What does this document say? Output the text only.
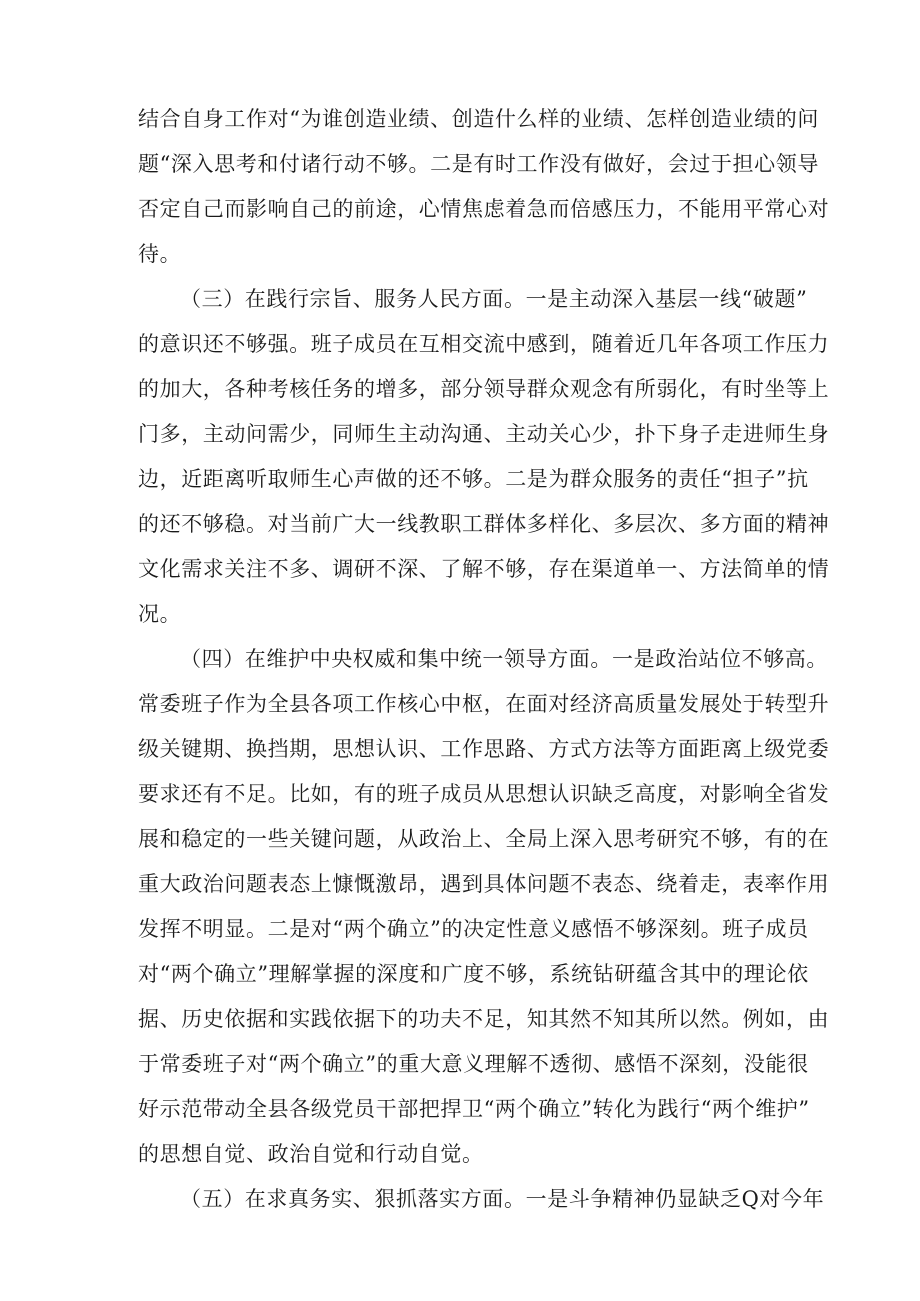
结合自身工作对“为谁创造业绩、创造什么样的业绩、怎样创造业绩的问
题“深入思考和付诸行动不够。二是有时工作没有做好，会过于担心领导
否定自己而影响自己的前途，心情焦虑着急而倍感压力，不能用平常心对
待。
（三）在践行宗旨、服务人民方面。一是主动深入基层一线“破题”
的意识还不够强。班子成员在互相交流中感到，随着近几年各项工作压力
的加大，各种考核任务的增多，部分领导群众观念有所弱化，有时坐等上
门多，主动问需少，同师生主动沟通、主动关心少，扑下身子走进师生身
边，近距离听取师生心声做的还不够。二是为群众服务的责任“担子”抗
的还不够稳。对当前广大一线教职工群体多样化、多层次、多方面的精神
文化需求关注不多、调研不深、了解不够，存在渠道单一、方法简单的情
况。
（四）在维护中央权威和集中统一领导方面。一是政治站位不够高。
常委班子作为全县各项工作核心中枢，在面对经济高质量发展处于转型升
级关键期、换挡期，思想认识、工作思路、方式方法等方面距离上级党委
要求还有不足。比如，有的班子成员从思想认识缺乏高度，对影响全省发
展和稳定的一些关键问题，从政治上、全局上深入思考研究不够，有的在
重大政治问题表态上慷慨激昂，遇到具体问题不表态、绕着走，表率作用
发挥不明显。二是对“两个确立”的决定性意义感悟不够深刻。班子成员
对“两个确立”理解掌握的深度和广度不够，系统钻研蕴含其中的理论依
据、历史依据和实践依据下的功夫不足，知其然不知其所以然。例如，由
于常委班子对“两个确立”的重大意义理解不透彻、感悟不深刻，没能很
好示范带动全县各级党员干部把捍卫“两个确立”转化为践行“两个维护”
的思想自觉、政治自觉和行动自觉。
（五）在求真务实、狠抓落实方面。一是斗争精神仍显缺乏Q对今年
